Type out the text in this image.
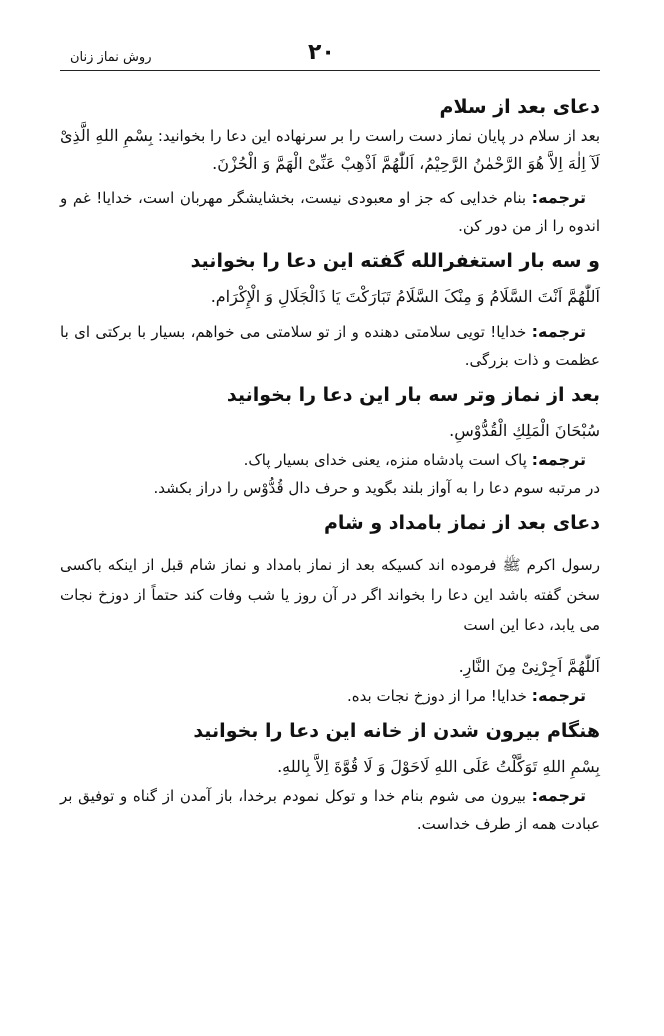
۲۰
روش نماز زنان
دعای بعد از سلام

بعد از سلام در پایان نماز دست راست را بر سرنهاده این دعا را بخوانید: بِسْمِ اللهِ الَّذِىْ لَآ اِلٰهَ اِلاَّ هُوَ الرَّحْمٰنُ الرَّحِيْمُ، اَللّٰهُمَّ اَذْهِبْ عَنِّىْ الْهَمَّ وَ الْحُزْنَ.

ترجمه: بنام خدایی که جز او معبودی نیست، بخشایشگر مهربان است، خدایا! غم و اندوه را از من دور کن.

و سه بار استغفرالله گفته این دعا را بخوانید

اَللّٰهُمَّ اَنْتَ السَّلَامُ وَ مِنْکَ السَّلَامُ تَبَارَکْتَ يَا ذَالْجَلَالِ وَ الْإِكْرَام.

ترجمه: خدایا! تویی سلامتی دهنده و از تو سلامتی می خواهم، بسیار با برکتی ای با عظمت و ذات بزرگی.

بعد از نماز وتر سه بار این دعا را بخوانید

سُبْحَانَ الْمَلِكِ الْقُدُّوْسِ.

ترجمه: پاک است پادشاه منزه، یعنی خدای بسیار پاک.

در مرتبه سوم دعا را به آواز بلند بگوید و حرف دال قُدُّوْس را دراز بکشد.

دعای بعد از نماز بامداد و شام

رسول اکرم ﷺ فرموده اند کسیکه بعد از نماز بامداد و نماز شام قبل از اینکه باکسی سخن گفته باشد این دعا را بخواند اگر در آن روز یا شب وفات کند حتماً از دوزخ نجات می یابد، دعا این است

اَللّٰهُمَّ اَجِرْنِىْ مِنَ النَّارِ.

ترجمه: خدایا! مرا از دوزخ نجات بده.

هنگام بیرون شدن از خانه این دعا را بخوانید

بِسْمِ اللهِ تَوَكَّلْتُ عَلَى اللهِ لَاحَوْلَ وَ لَا قُوَّةَ اِلاَّ بِاللهِ.

ترجمه: بیرون می شوم بنام خدا و توکل نمودم برخدا، باز آمدن از گناه و توفیق بر عبادت همه از طرف خداست.
